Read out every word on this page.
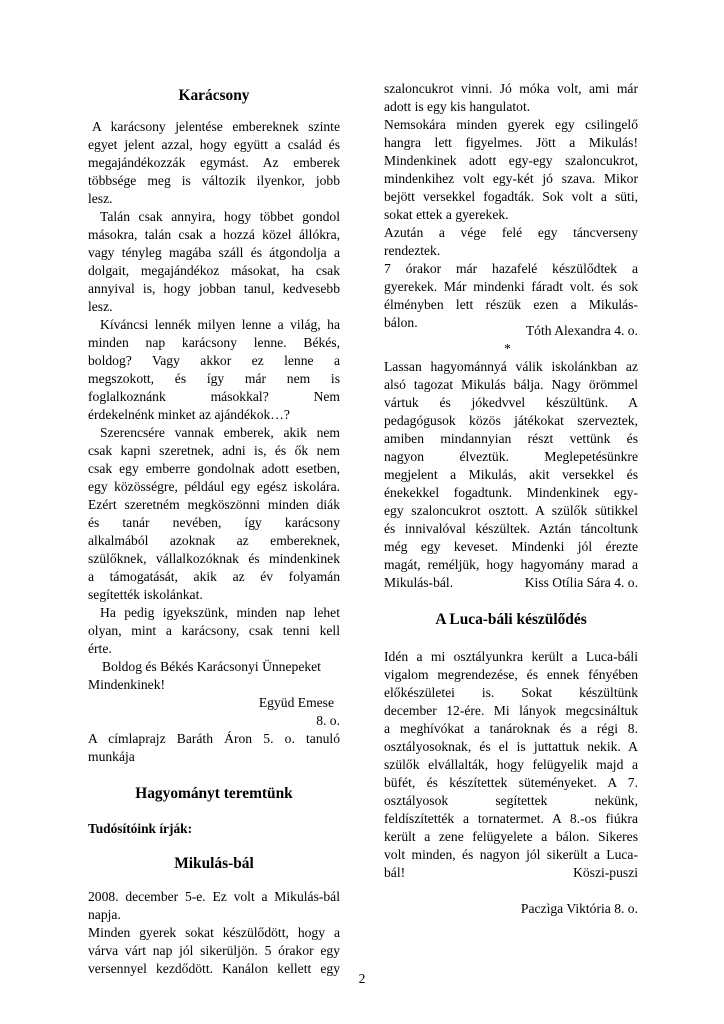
Karácsony
A karácsony jelentése embereknek szinte
egyet jelent azzal, hogy együtt a család és
megajándékozzák egymást. Az emberek
többsége meg is változik ilyenkor, jobb
lesz.
Talán csak annyira, hogy többet gondol
másokra, talán csak a hozzá közel állókra,
vagy tényleg magába száll és átgondolja a
dolgait, megajándékoz másokat, ha csak
annyival is, hogy jobban tanul, kedvesebb
lesz.
Kíváncsi lennék milyen lenne a világ, ha
minden nap karácsony lenne. Békés,
boldog? Vagy akkor ez lenne a
megszokott, és így már nem is
foglalkoznánk másokkal? Nem
érdekelnénk minket az ajándékok…?
Szerencsére vannak emberek, akik nem
csak kapni szeretnek, adni is, és ők nem
csak egy emberre gondolnak adott esetben,
egy közösségre, például egy egész iskolára.
Ezért szeretném megköszönni minden diák
és tanár nevében, így karácsony
alkalmából azoknak az embereknek,
szülőknek, vállalkozóknak és mindenkinek
a támogatását, akik az év folyamán
segítették iskolánkat.
Ha pedig igyekszünk, minden nap lehet
olyan, mint a karácsony, csak tenni kell
érte.
Boldog és Békés Karácsonyi Ünnepeket
Mindenkinek!
Együd Emese
8. o.
A címlaprajz Baráth Áron 5. o. tanuló
munkája
Hagyományt teremtünk
Tudósítóink írják:
Mikulás-bál
2008. december 5-e. Ez volt a Mikulás-bál
napja.
Minden gyerek sokat készülődött, hogy a
várva várt nap jól sikerüljön. 5 órakor egy
versennyel kezdődött. Kanálon kellett egy
szaloncukrot vinni. Jó móka volt, ami már
adott is egy kis hangulatot.
Nemsokára minden gyerek egy csilingelő
hangra lett figyelmes. Jött a Mikulás!
Mindenkinek adott egy-egy szaloncukrot,
mindenkihez volt egy-két jó szava. Mikor
bejött versekkel fogadták. Sok volt a süti,
sokat ettek a gyerekek.
Azután a vége felé egy táncverseny
rendeztek.
7 órakor már hazafelé készülődtek a
gyerekek. Már mindenki fáradt volt. és sok
élményben lett részük ezen a Mikulás-
bálon.
Tóth Alexandra 4. o.
*
Lassan hagyománnyá válik iskolánkban az
alsó tagozat Mikulás bálja. Nagy örömmel
vártuk és jókedvvel készültünk. A
pedagógusok közös játékokat szerveztek,
amiben mindannyian részt vettünk és
nagyon élveztük. Meglepetésünkre
megjelent a Mikulás, akit versekkel és
énekekkel fogadtunk. Mindenkinek egy-
egy szaloncukrot osztott. A szülők sütikkel
és innivalóval készültek. Aztán táncoltunk
még egy keveset. Mindenki jól érezte
magát, reméljük, hogy hagyomány marad a
Mikulás-bál.	Kiss Otília Sára 4. o.
A Luca-báli készülődés
Idén a mi osztályunkra került a Luca-báli
vigalom megrendezése, és ennek fényében
előkészületei is. Sokat készültünk
december 12-ére. Mi lányok megcsináltuk
a meghívókat a tanároknak és a régi 8.
osztályosoknak, és el is juttattuk nekik. A
szülők elvállalták, hogy felügyelik majd a
büfét, és készítettek süteményeket. A 7.
osztályosok segítettek nekünk,
feldíszítették a tornatermet. A 8.-os fiúkra
került a zene felügyelete a bálon. Sikeres
volt minden, és nagyon jól sikerült a Luca-
bál!	Köszi-puszi
Paczìga Viktória 8. o.
2
